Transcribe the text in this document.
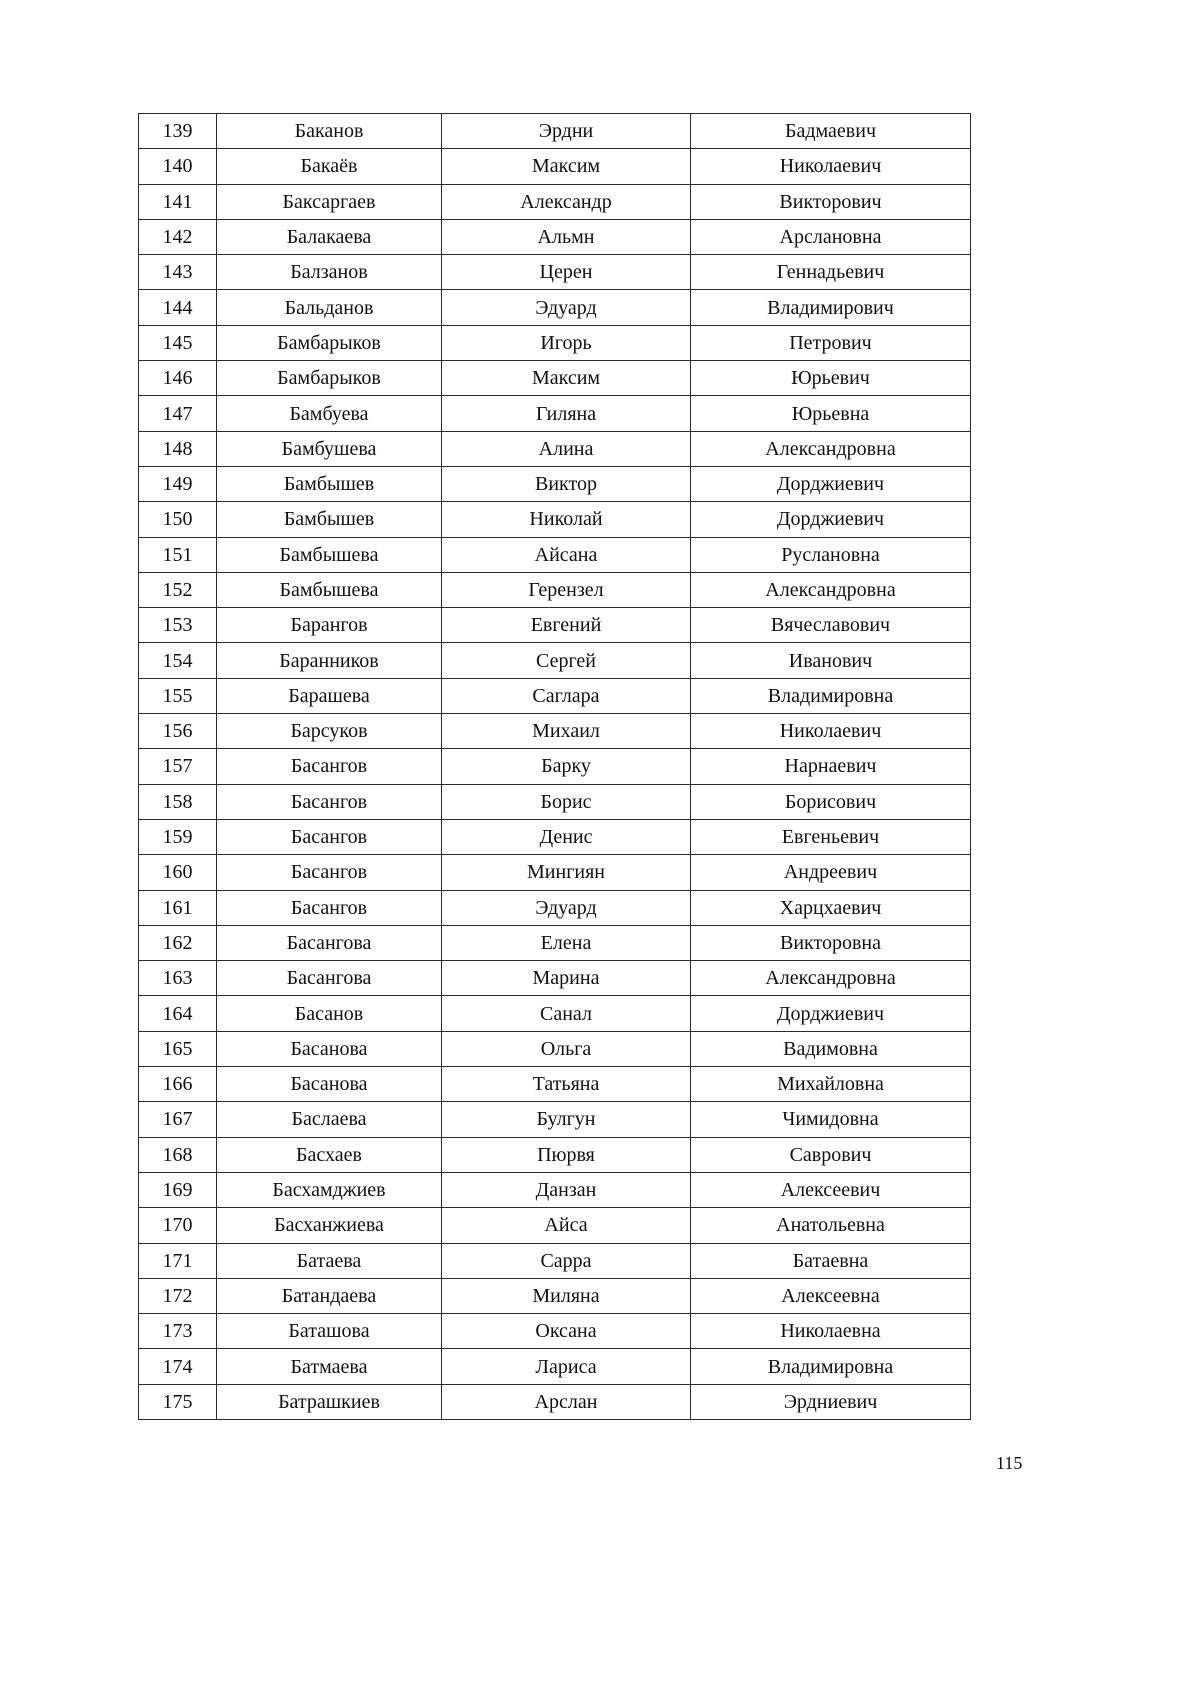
139	Баканов	Эрдни	Бадмаевич
140	Бакаёв	Максим	Николаевич
141	Баксаргаев	Александр	Викторович
142	Балакаева	Альмн	Арслановна
143	Балзанов	Церен	Геннадьевич
144	Бальданов	Эдуард	Владимирович
145	Бамбарыков	Игорь	Петрович
146	Бамбарыков	Максим	Юрьевич
147	Бамбуева	Гиляна	Юрьевна
148	Бамбушева	Алина	Александровна
149	Бамбышев	Виктор	Дорджиевич
150	Бамбышев	Николай	Дорджиевич
151	Бамбышева	Айсана	Руслановна
152	Бамбышева	Герензел	Александровна
153	Барангов	Евгений	Вячеславович
154	Баранников	Сергей	Иванович
155	Барашева	Саглара	Владимировна
156	Барсуков	Михаил	Николаевич
157	Басангов	Барку	Нарнаевич
158	Басангов	Борис	Борисович
159	Басангов	Денис	Евгеньевич
160	Басангов	Мингиян	Андреевич
161	Басангов	Эдуард	Харцхаевич
162	Басангова	Елена	Викторовна
163	Басангова	Марина	Александровна
164	Басанов	Санал	Дорджиевич
165	Басанова	Ольга	Вадимовна
166	Басанова	Татьяна	Михайловна
167	Баслаева	Булгун	Чимидовна
168	Басхаев	Пюрвя	Саврович
169	Басхамджиев	Данзан	Алексеевич
170	Басханжиева	Айса	Анатольевна
171	Батаева	Сарра	Батаевна
172	Батандаева	Миляна	Алексеевна
173	Баташова	Оксана	Николаевна
174	Батмаева	Лариса	Владимировна
175	Батрашкиев	Арслан	Эрдниевич
115
